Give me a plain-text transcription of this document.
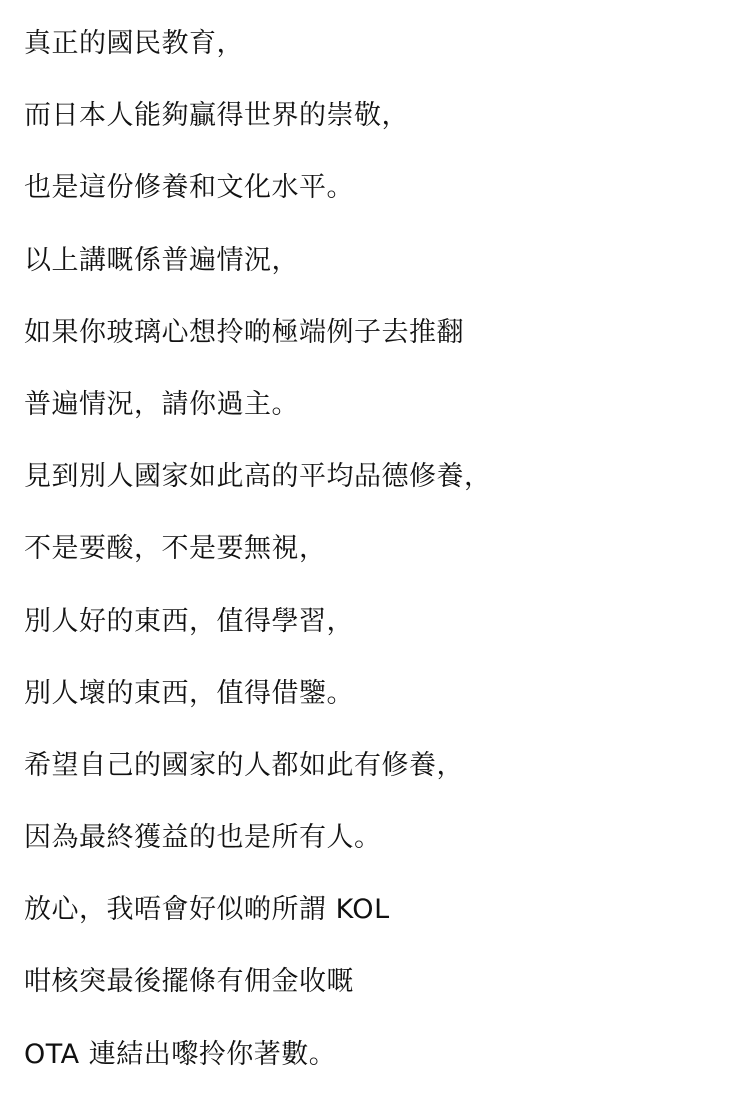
真正的國民教育，
而日本人能夠贏得世界的崇敬，
也是這份修養和文化水平。
以上講嘅係普遍情況，
如果你玻璃心想拎啲極端例子去推翻
普遍情況，請你過主。
見到別人國家如此高的平均品德修養，
不是要酸，不是要無視，
別人好的東西，值得學習，
別人壞的東西，值得借鑒。
希望自己的國家的人都如此有修養，
因為最終獲益的也是所有人。
放心，我唔會好似啲所謂 KOL
咁核突最後擺條有佣金收嘅
OTA 連結出嚟拎你著數。
